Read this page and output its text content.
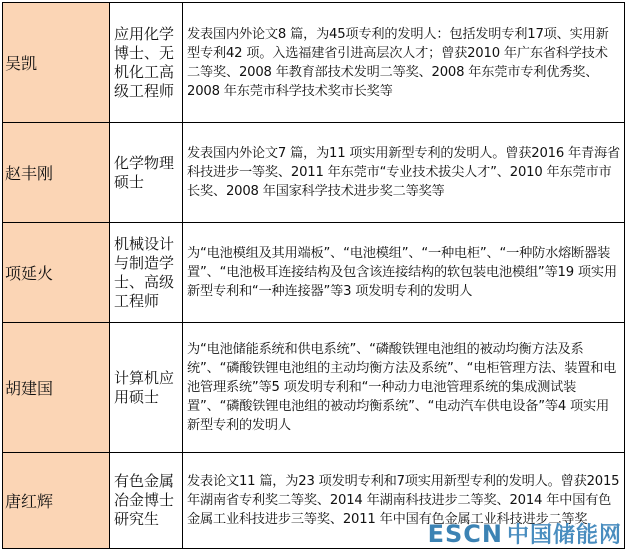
吴凯	应用化学博士、无机化工高级工程师	发表国内外论文8 篇，为45项专利的发明人：包括发明专利17项、实用新型专利42 项。入选福建省引进高层次人才；曾获2010 年广东省科学技术二等奖、2008 年教育部技术发明二等奖、2008 年东莞市专利优秀奖、2008 年东莞市科学技术奖市长奖等
赵丰刚	化学物理硕士	发表国内外论文7 篇，为11 项实用新型专利的发明人。曾获2016 年青海省科技进步一等奖、2011 年东莞市“专业技术拔尖人才”、2010 年东莞市市长奖、2008 年国家科学技术进步奖二等奖等
项延火	机械设计与制造学士、高级工程师	为“电池模组及其用端板”、“电池模组”、“一种电柜”、“一种防水熔断器装置”、“电池极耳连接结构及包含该连接结构的软包装电池模组”等19 项实用新型专利和“一种连接器”等3 项发明专利的发明人
胡建国	计算机应用硕士	为“电池储能系统和供电系统”、“磷酸铁锂电池组的被动均衡方法及系统”、“磷酸铁锂电池组的主动均衡方法及系统”、“电柜管理方法、装置和电池管理系统”等5 项发明专利和“一种动力电池管理系统的集成测试装置”、“磷酸铁锂电池组的被动均衡系统”、“电动汽车供电设备”等4 项实用新型专利的发明人
唐红辉	有色金属冶金博士研究生	发表论文11 篇，为23 项发明专利和7项实用新型专利的发明人。曾获2015 年湖南省专利奖二等奖、2014 年湖南科技进步二等奖、2014 年中国有色金属工业科技进步三等奖、2011 年中国有色金属工业科技进步二等奖
ESCN 中国储能网
